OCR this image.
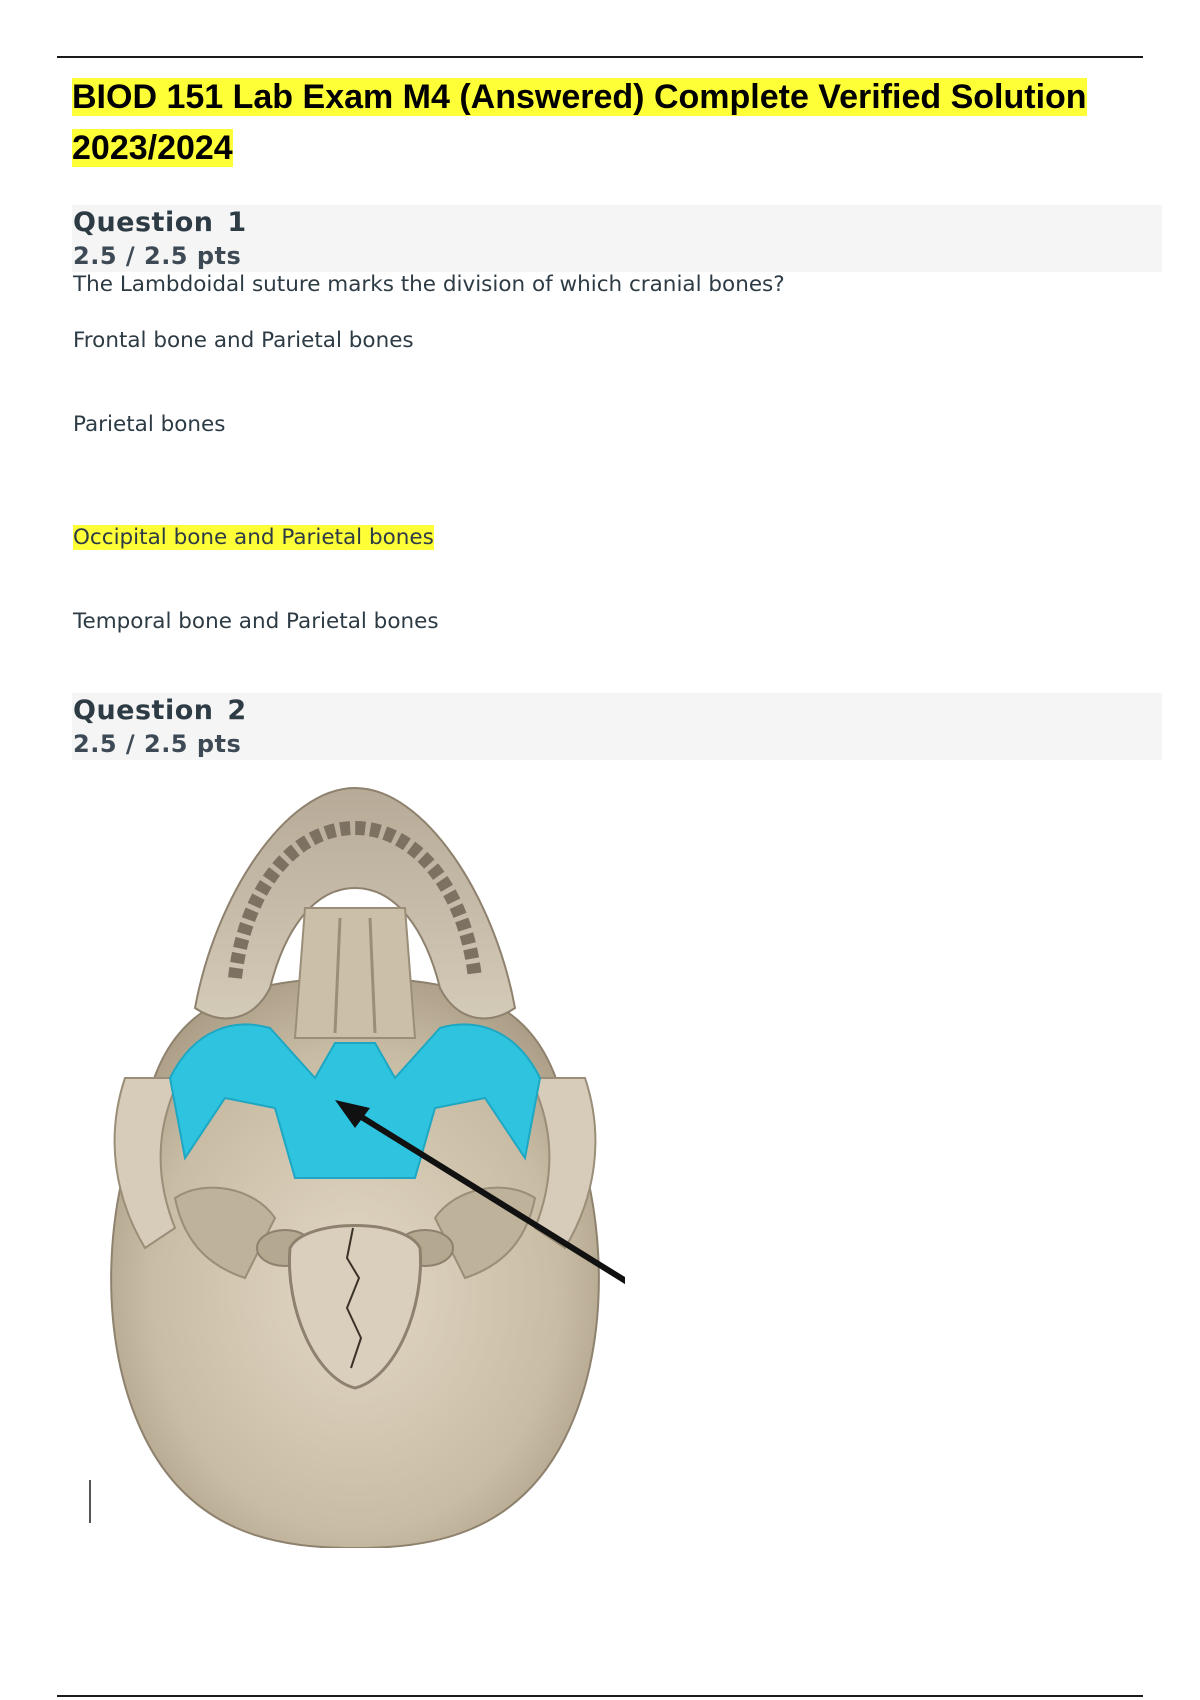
BIOD 151 Lab Exam M4 (Answered) Complete Verified Solution 2023/2024
Question 1
2.5 / 2.5 pts
The Lambdoidal suture marks the division of which cranial bones?
Frontal bone and Parietal bones
Parietal bones
Occipital bone and Parietal bones
Temporal bone and Parietal bones
Question 2
2.5 / 2.5 pts
